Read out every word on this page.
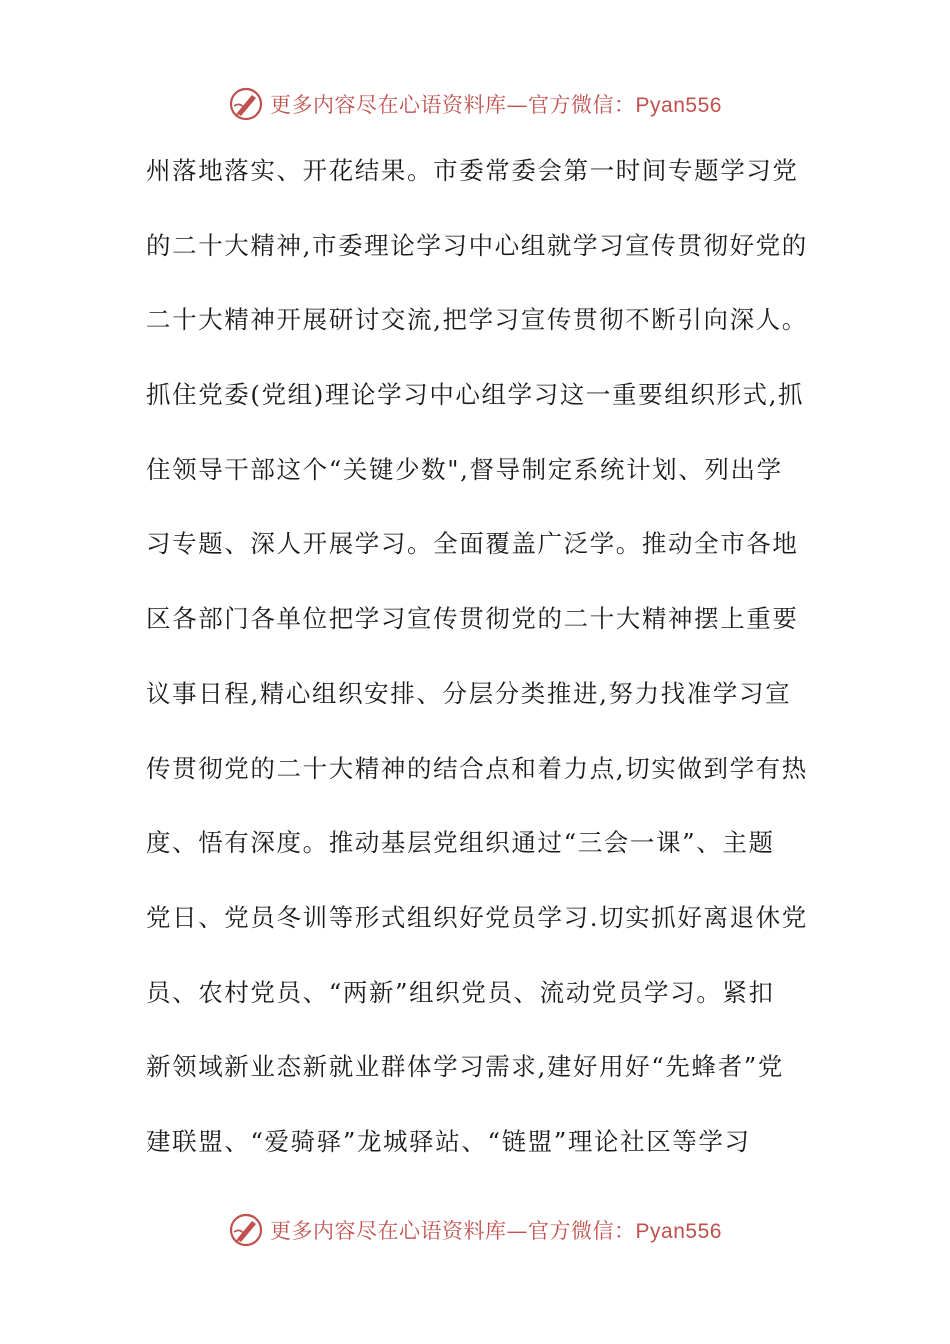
更多内容尽在心语资料库—官方微信：Pyan556
州落地落实、开花结果。市委常委会第一时间专题学习党
的二十大精神,市委理论学习中心组就学习宣传贯彻好党的
二十大精神开展研讨交流,把学习宣传贯彻不断引向深人。
抓住党委(党组)理论学习中心组学习这一重要组织形式,抓
住领导干部这个“关键少数",督导制定系统计划、列出学
习专题、深人开展学习。全面覆盖广泛学。推动全市各地
区各部门各单位把学习宣传贯彻党的二十大精神摆上重要
议事日程,精心组织安排、分层分类推进,努力找准学习宣
传贯彻党的二十大精神的结合点和着力点,切实做到学有热
度、悟有深度。推动基层党组织通过“三会一课”、主题
党日、党员冬训等形式组织好党员学习.切实抓好离退休党
员、农村党员、“两新”组织党员、流动党员学习。紧扣
新领域新业态新就业群体学习需求,建好用好“先蜂者”党
建联盟、“爱骑驿”龙城驿站、“链盟”理论社区等学习
更多内容尽在心语资料库—官方微信：Pyan556
